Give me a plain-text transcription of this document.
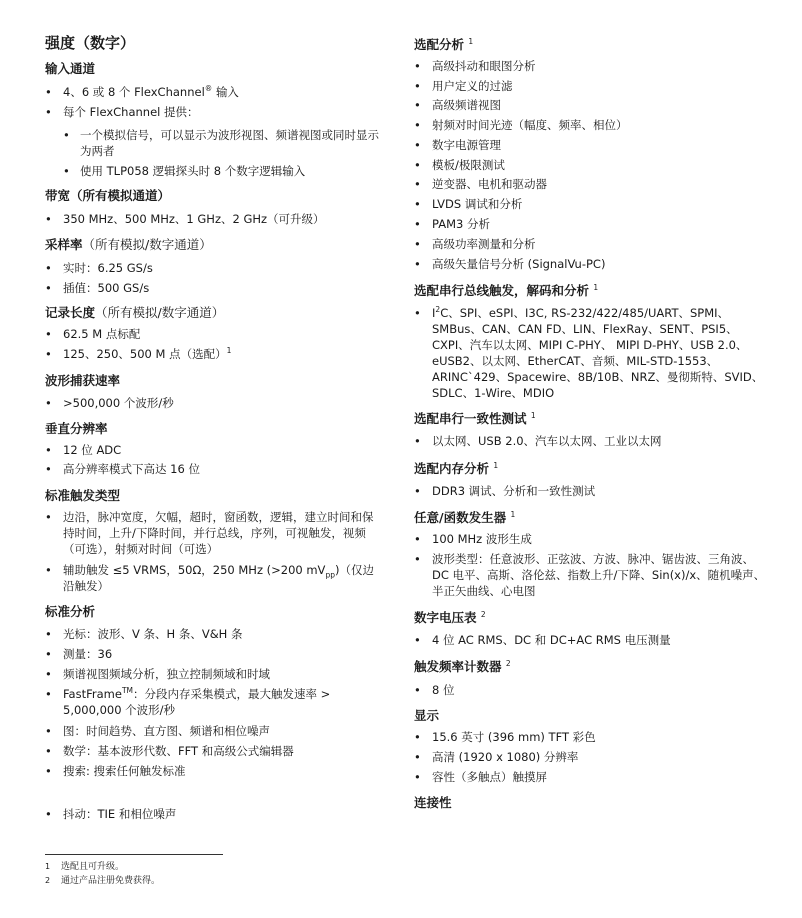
强度（数字）
输入通道
• 4、6 或 8 个 FlexChannel® 输入
• 每个 FlexChannel 提供：
• 一个模拟信号，可以显示为波形视图、频谱视图或同时显示为两者
• 使用 TLP058 逻辑探头时 8 个数字逻辑输入
带宽（所有模拟通道）
• 350 MHz、500 MHz、1 GHz、2 GHz（可升级）
采样率（所有模拟/数字通道）
• 实时：6.25 GS/s
• 插值：500 GS/s
记录长度（所有模拟/数字通道）
• 62.5 M 点标配
• 125、250、500 M 点（选配）$^1$
波形捕获速率
• >500,000 个波形/秒
垂直分辨率
• 12 位 ADC
• 高分辨率模式下高达 16 位
标准触发类型
• 边沿，脉冲宽度，欠幅，超时，窗函数，逻辑，建立时间和保持时间，上升/下降时间，并行总线，序列，可视触发，视频（可选），射频对时间（可选）
• 辅助触发 ≤5 VRMS，50Ω，250 MHz (>200 $mV_{pp}$)（仅边沿触发）
标准分析
• 光标：波形、V 条、H 条、V&H 条
• 测量：36
• 频谱视图频域分析，独立控制频域和时域
• FastFrame™：分段内存采集模式，最大触发速率 > 5,000,000 个波形/秒
• 图：时间趋势、直方图、频谱和相位噪声
• 数学：基本波形代数、FFT 和高级公式编辑器
• 搜索: 搜索任何触发标准
• 抖动：TIE 和相位噪声
选配分析 $^1$
• 高级抖动和眼图分析
• 用户定义的过滤
• 高级频谱视图
• 射频对时间光迹（幅度、频率、相位）
• 数字电源管理
• 模板/极限测试
• 逆变器、电机和驱动器
• LVDS 调试和分析
• PAM3 分析
• 高级功率测量和分析
• 高级矢量信号分析 (SignalVu-PC)
选配串行总线触发，解码和分析 $^1$
• $I^2C$、SPI、eSPI、I3C, RS-232/422/485/UART、SPMI、SMBus、CAN、CAN FD、LIN、FlexRay、SENT、PSI5、CXPI、汽车以太网、MIPI C-PHY、 MIPI D-PHY、USB 2.0、eUSB2、以太网、EtherCAT、音频、MIL-STD-1553、ARINC`429、Spacewire、8B/10B、NRZ、曼彻斯特、SVID、SDLC、1-Wire、MDIO
选配串行一致性测试 $^1$
• 以太网、USB 2.0、汽车以太网、工业以太网
选配内存分析 $^1$
• DDR3 调试、分析和一致性测试
任意/函数发生器 $^1$
• 100 MHz 波形生成
• 波形类型：任意波形、正弦波、方波、脉冲、锯齿波、三角波、DC 电平、高斯、洛伦兹、指数上升/下降、Sin(x)/x、随机噪声、半正矢曲线、心电图
数字电压表 $^2$
• 4 位 AC RMS、DC 和 DC+AC RMS 电压测量
触发频率计数器 $^2$
• 8 位
显示
• 15.6 英寸 (396 mm) TFT 彩色
• 高清 (1920 x 1080) 分辨率
• 容性（多触点）触摸屏
连接性
1 选配且可升级。
2 通过产品注册免费获得。
